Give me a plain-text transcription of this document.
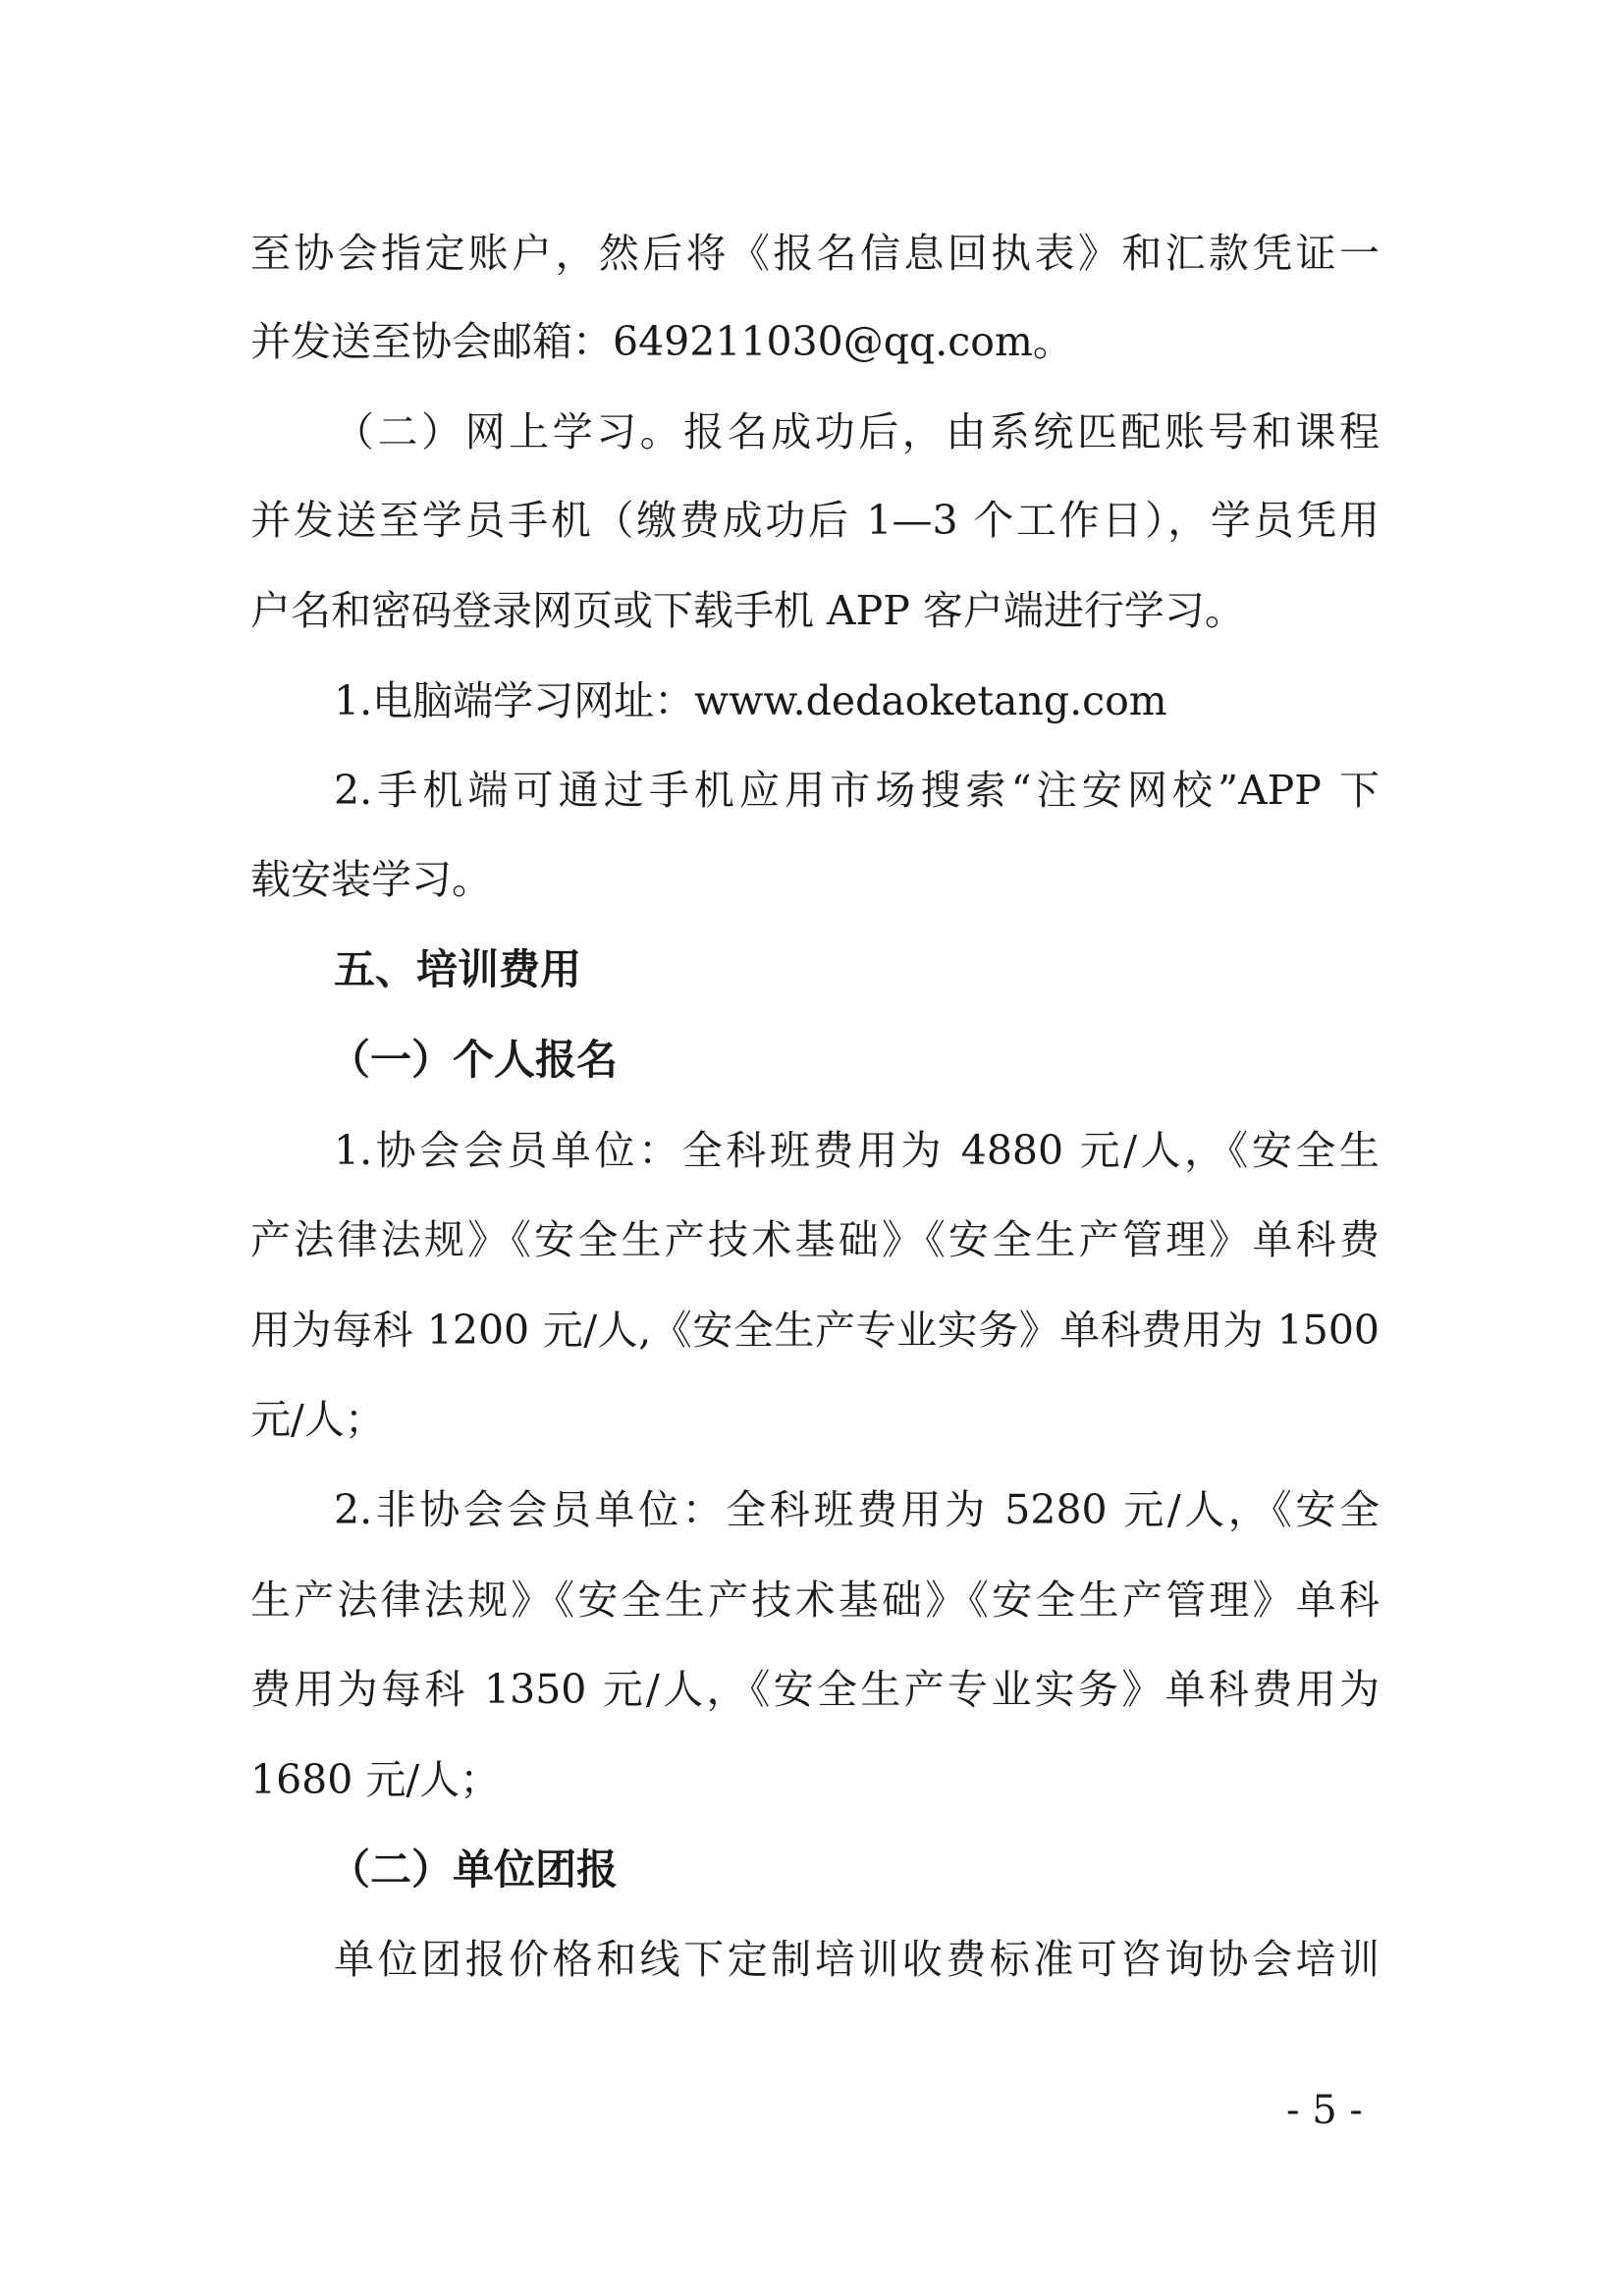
至协会指定账户，然后将《报名信息回执表》和汇款凭证一
并发送至协会邮箱：649211030@qq.com。
（二）网上学习。报名成功后，由系统匹配账号和课程
并发送至学员手机（缴费成功后 1—3 个工作日），学员凭用
户名和密码登录网页或下载手机 APP 客户端进行学习。
1.电脑端学习网址：www.dedaoketang.com
2.手机端可通过手机应用市场搜索“注安网校”APP 下
载安装学习。
五、培训费用
（一）个人报名
1.协会会员单位：全科班费用为 4880 元/人，《安全生
产法律法规》《安全生产技术基础》《安全生产管理》单科费
用为每科 1200 元/人,《安全生产专业实务》单科费用为 1500
元/人；
2.非协会会员单位：全科班费用为 5280 元/人，《安全
生产法律法规》《安全生产技术基础》《安全生产管理》单科
费用为每科 1350 元/人，《安全生产专业实务》单科费用为
1680 元/人；
（二）单位团报
单位团报价格和线下定制培训收费标准可咨询协会培训
- 5 -
